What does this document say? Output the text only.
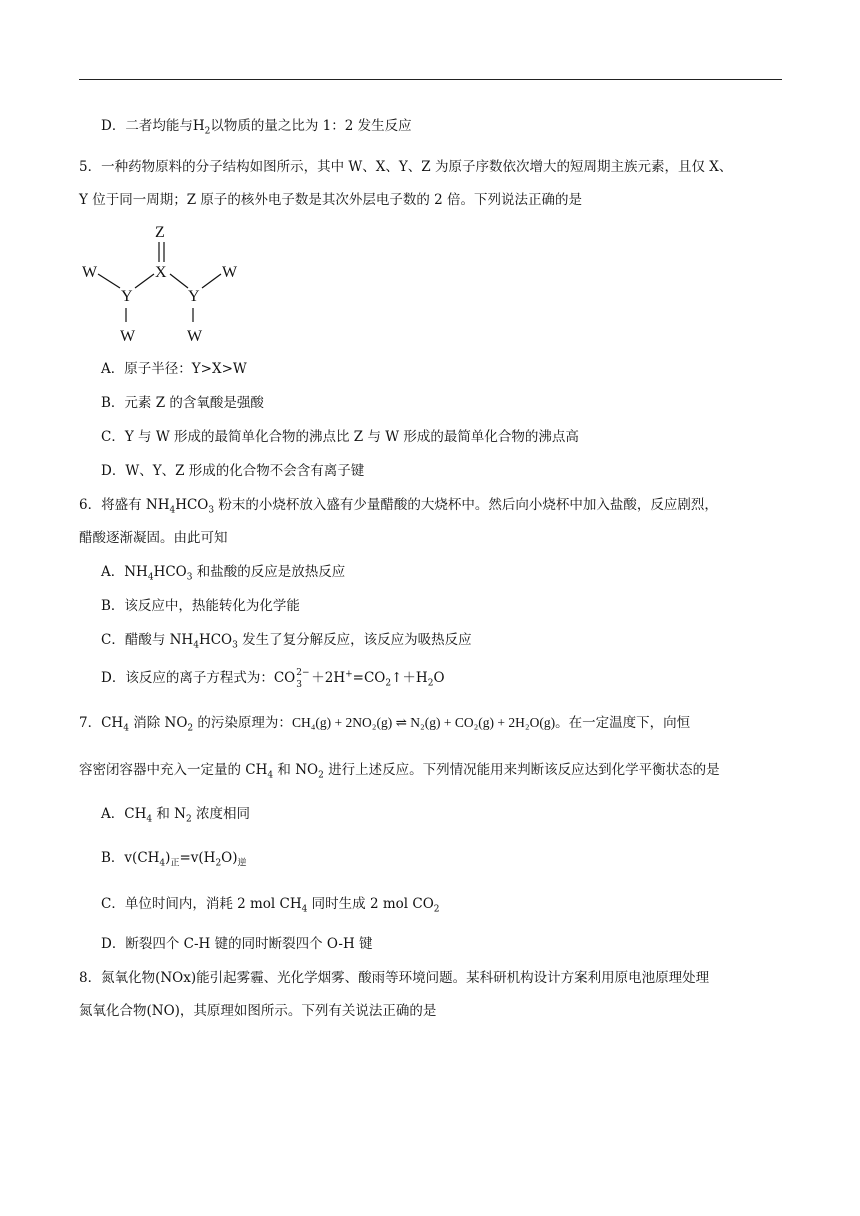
D．二者均能与$H_2$以物质的量之比为 1：2 发生反应
5．一种药物原料的分子结构如图所示，其中 W、X、Y、Z 为原子序数依次增大的短周期主族元素，且仅 X、
Y 位于同一周期；Z 原子的核外电子数是其次外层电子数的 2 倍。下列说法正确的是
Z
X
W
Y	Y
W
W	W
A．原子半径：Y>X>W
B．元素 Z 的含氧酸是强酸
C．Y 与 W 形成的最简单化合物的沸点比 Z 与 W 形成的最简单化合物的沸点高
D．W、Y、Z 形成的化合物不会含有离子键
6．将盛有 $NH_4HCO_3$ 粉末的小烧杯放入盛有少量醋酸的大烧杯中。然后向小烧杯中加入盐酸，反应剧烈，
醋酸逐渐凝固。由此可知
A．$NH_4HCO_3$ 和盐酸的反应是放热反应
B．该反应中，热能转化为化学能
C．醋酸与 $NH_4HCO_3$ 发生了复分解反应，该反应为吸热反应
D．该反应的离子方程式为：CO 2−
$3 +2H^+=CO_2↑+H_2O$
7．$CH_4$ 消除 $NO_2$ 的污染原理为：CH₄(g) + 2NO₂(g) ⇌ N₂(g) + CO₂(g) + 2H₂O(g)。在一定温度下，向恒
容密闭容器中充入一定量的 $CH_4$ 和 $NO_2$ 进行上述反应。下列情况能用来判断该反应达到化学平衡状态的是
A．$CH_4$ 和 $N_2$ 浓度相同
B．$v(CH_4)_正=v(H_2O)_逆$
C．单位时间内，消耗 2 mol $CH_4$ 同时生成 2 mol $CO_2$
D．断裂四个 C-H 键的同时断裂四个 O-H 键
8．氮氧化物(NOx)能引起雾霾、光化学烟雾、酸雨等环境问题。某科研机构设计方案利用原电池原理处理
氮氧化合物(NO)，其原理如图所示。下列有关说法正确的是
